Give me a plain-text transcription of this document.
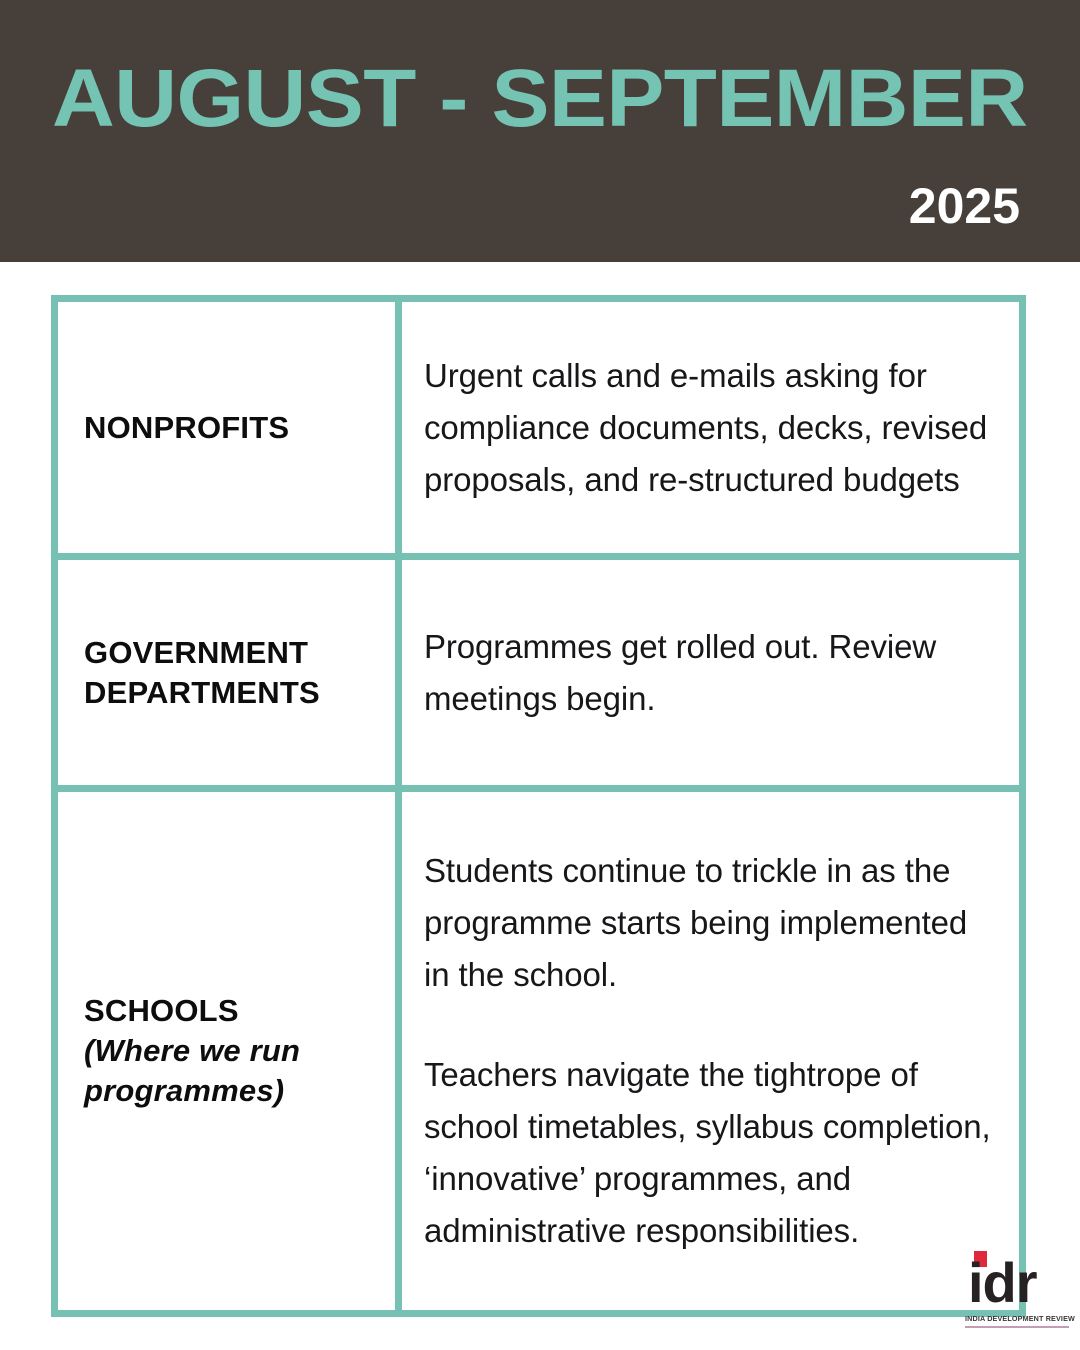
AUGUST - SEPTEMBER
2025
NONPROFITS
Urgent calls and e-mails asking for compliance documents, decks, revised proposals, and re-structured budgets
GOVERNMENT DEPARTMENTS
Programmes get rolled out. Review meetings begin.
SCHOOLS
(Where we run programmes)
Students continue to trickle in as the programme starts being implemented in the school.
Teachers navigate the tightrope of school timetables, syllabus completion, ‘innovative’ programmes, and administrative responsibilities.
idr
INDIA DEVELOPMENT REVIEW
